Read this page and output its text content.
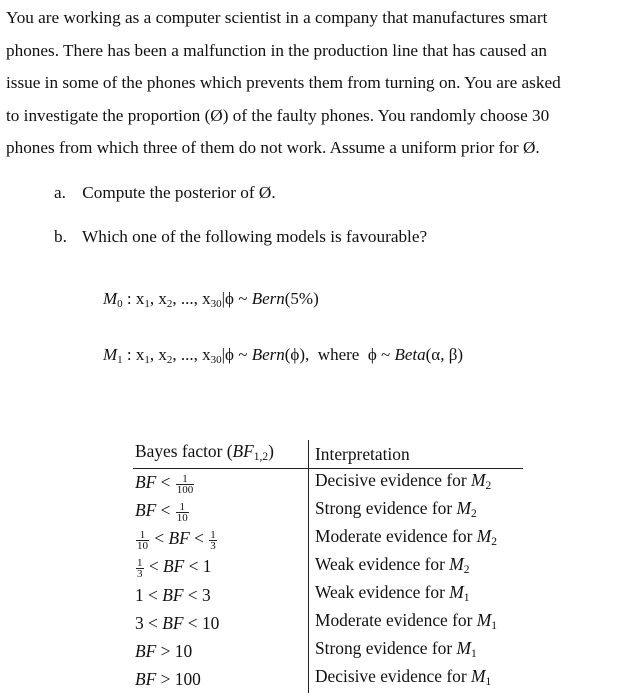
You are working as a computer scientist in a company that manufactures smart
phones. There has been a malfunction in the production line that has caused an
issue in some of the phones which prevents them from turning on. You are asked
to investigate the proportion (Ø) of the faulty phones. You randomly choose 30
phones from which three of them do not work. Assume a uniform prior for Ø.
a. Compute the posterior of Ø.
b. Which one of the following models is favourable?
$M_0$ : $x_1$, $x_2$, ..., $x_{30}|\phi$ ~ Bern(5%)
$M_1$ : $x_1$, $x_2$, ..., $x_{30}|\phi$ ~ Bern(ϕ),  where  ϕ ~ Beta(α, β)
Bayes factor $(BF_{1,2})$	Interpretation
BF < $\frac{1}{100}$	Decisive evidence for $M_2$
BF < $\frac{1}{10}$	Strong evidence for $M_2$

$\frac{1}{10}$ < BF < $\frac{1}{3}$	Moderate evidence for $M_2$

$\frac{1}{3}$ < BF < 1	Weak evidence for $M_2$
1 < BF < 3	Weak evidence for $M_1$
3 < BF < 10	Moderate evidence for $M_1$
BF > 10	Strong evidence for $M_1$
BF > 100	Decisive evidence for $M_1$
